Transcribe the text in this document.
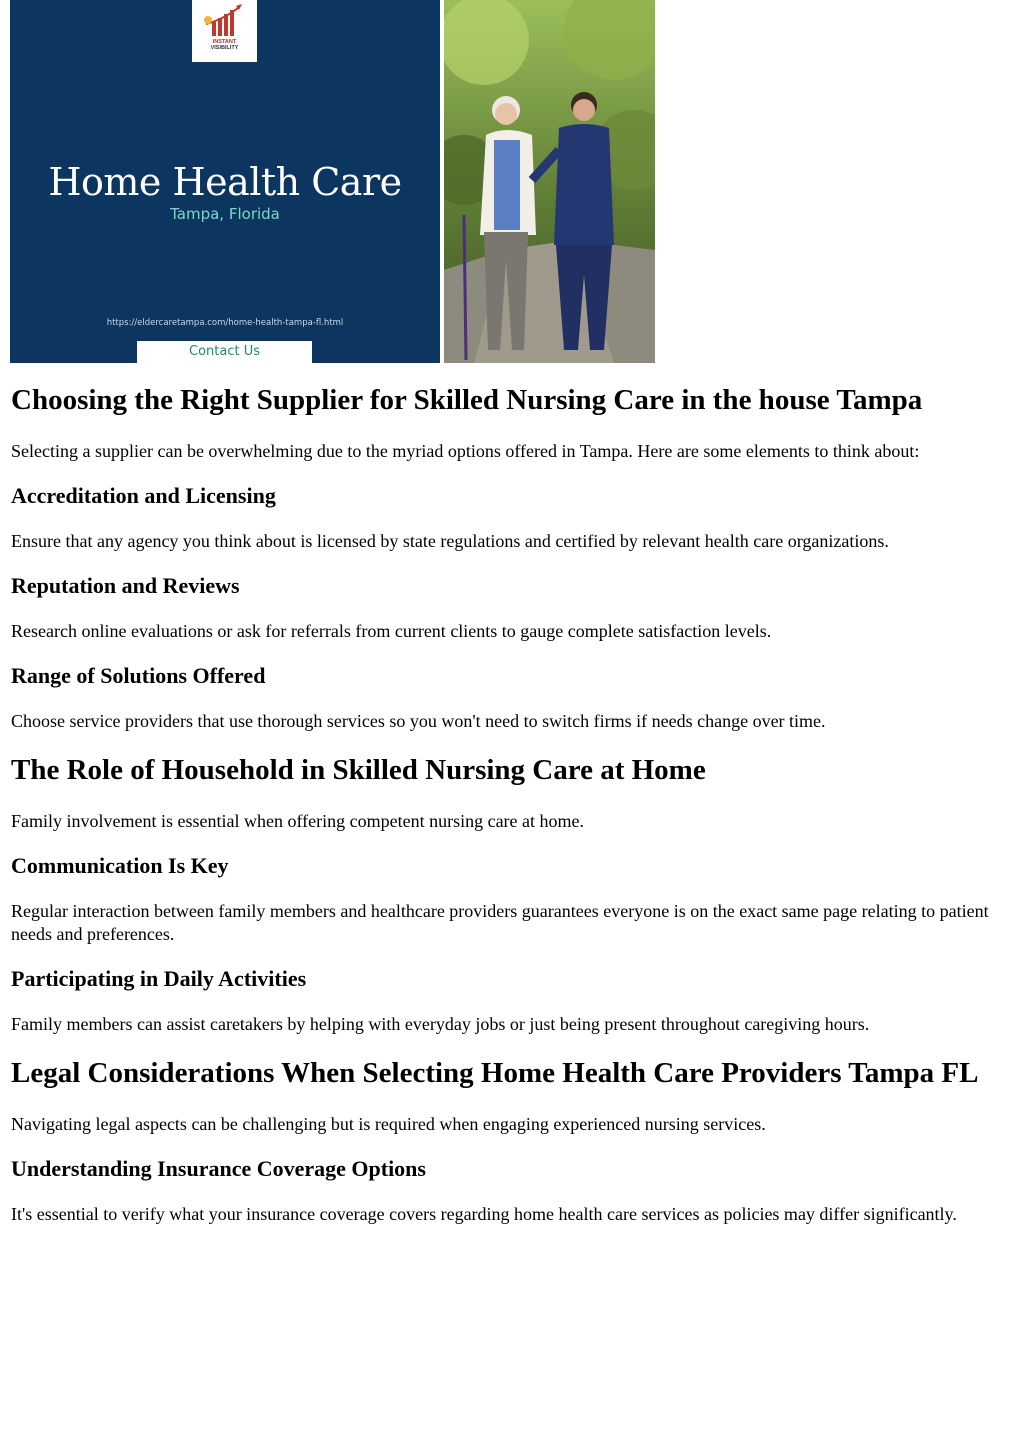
INSTANT
VISIBILITY
Home Health Care
Tampa, Florida
https://eldercaretampa.com/home-health-tampa-fl.html
Contact Us
Choosing the Right Supplier for Skilled Nursing Care in the house Tampa

Selecting a supplier can be overwhelming due to the myriad options offered in Tampa. Here are some elements to think about:

Accreditation and Licensing

Ensure that any agency you think about is licensed by state regulations and certified by relevant health care organizations.

Reputation and Reviews

Research online evaluations or ask for referrals from current clients to gauge complete satisfaction levels.

Range of Solutions Offered

Choose service providers that use thorough services so you won't need to switch firms if needs change over time.

The Role of Household in Skilled Nursing Care at Home

Family involvement is essential when offering competent nursing care at home.

Communication Is Key

Regular interaction between family members and healthcare providers guarantees everyone is on the exact same page relating to patient needs and preferences.

Participating in Daily Activities

Family members can assist caretakers by helping with everyday jobs or just being present throughout caregiving hours.

Legal Considerations When Selecting Home Health Care Providers Tampa FL

Navigating legal aspects can be challenging but is required when engaging experienced nursing services.

Understanding Insurance Coverage Options

It's essential to verify what your insurance coverage covers regarding home health care services as policies may differ significantly.
